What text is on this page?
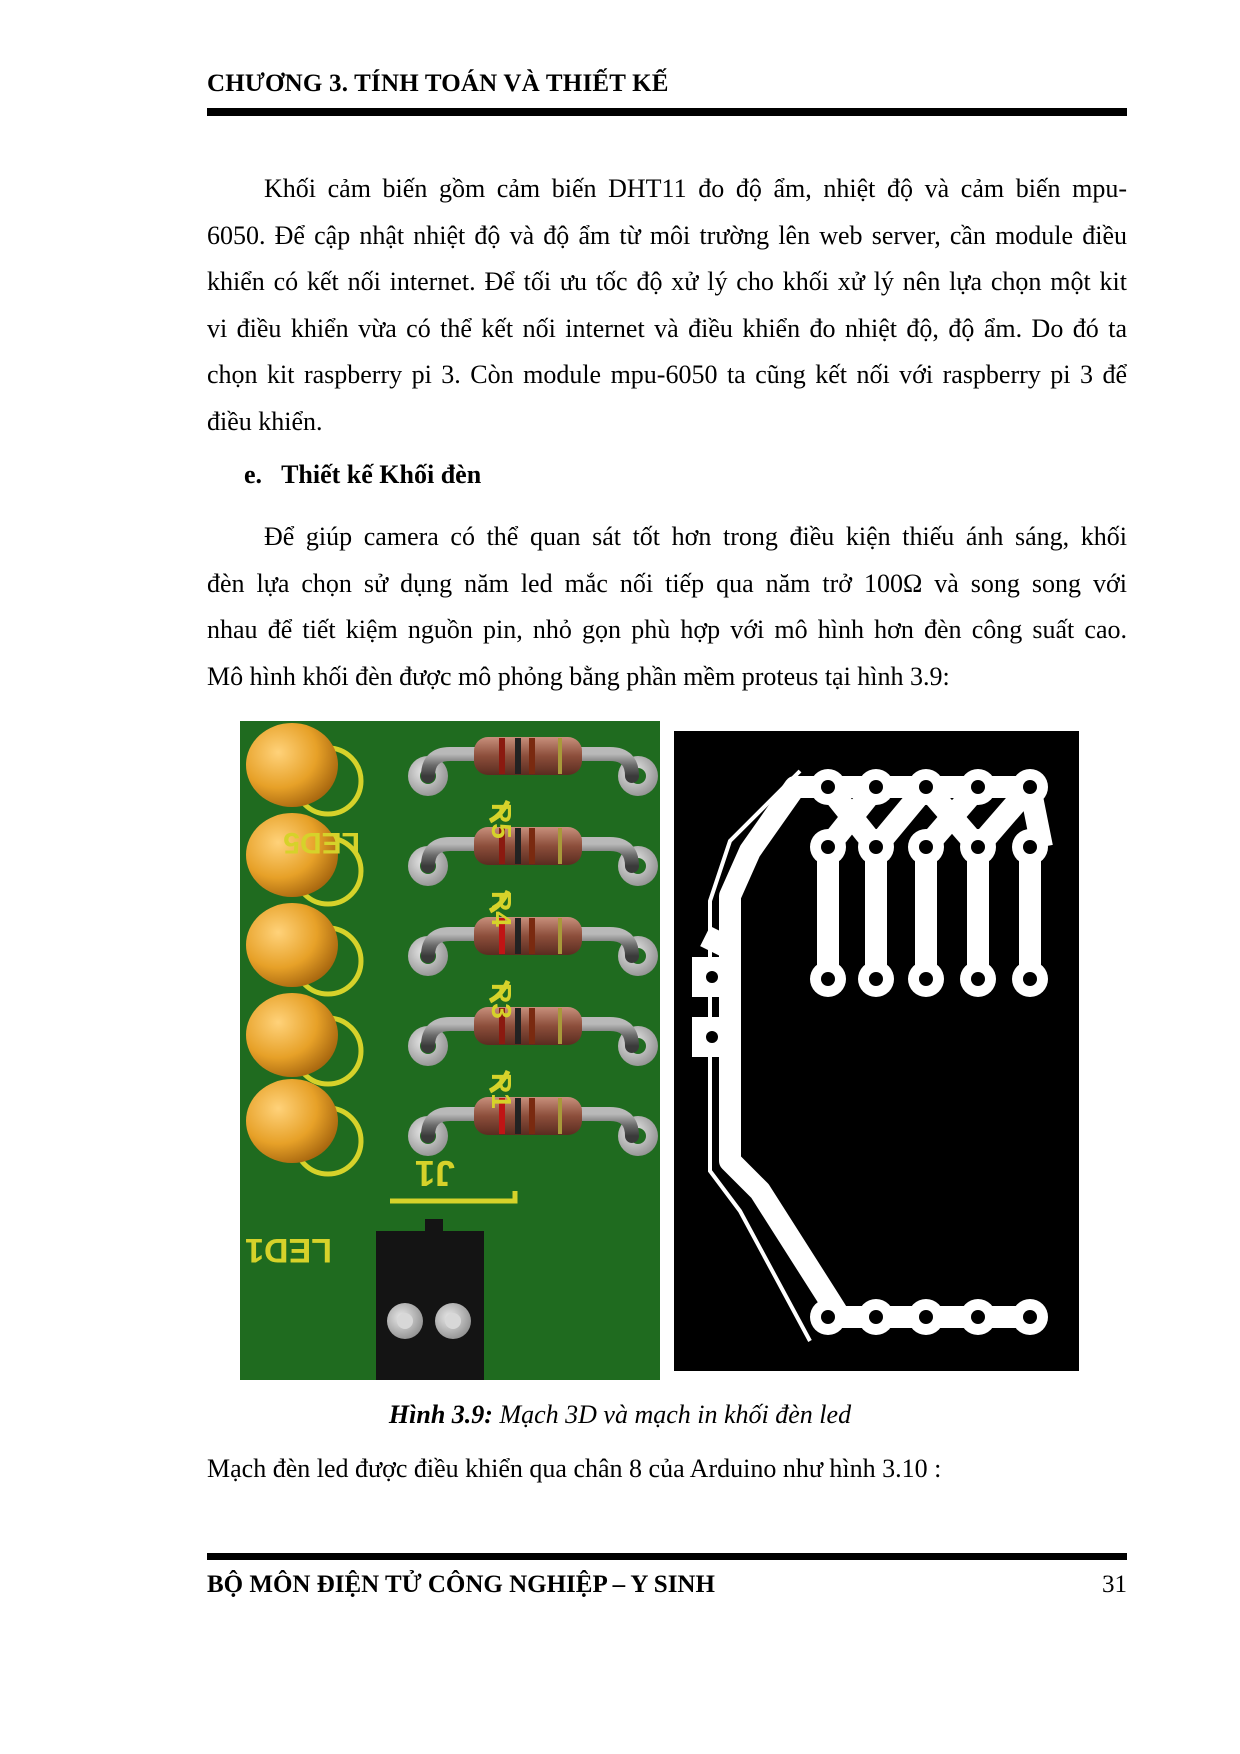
CHƯƠNG 3. TÍNH TOÁN VÀ THIẾT KẾ
Khối cảm biến gồm cảm biến DHT11 đo độ ẩm, nhiệt độ và cảm biến mpu-
6050. Để cập nhật nhiệt độ và độ ẩm từ môi trường lên web server, cần module điều
khiển có kết nối internet. Để tối ưu tốc độ xử lý cho khối xử lý nên lựa chọn một kit
vi điều khiển vừa có thể kết nối internet và điều khiển đo nhiệt độ, độ ẩm. Do đó ta
chọn kit raspberry pi 3. Còn module mpu-6050 ta cũng kết nối với raspberry pi 3 để
điều khiển.
e.   Thiết kế Khối đèn
Để giúp camera có thể quan sát tốt hơn trong điều kiện thiếu ánh sáng, khối
đèn lựa chọn sử dụng năm led mắc nối tiếp qua năm trở 100Ω và song song với
nhau để tiết kiệm nguồn pin, nhỏ gọn phù hợp với mô hình hơn đèn công suất cao.
Mô hình khối đèn được mô phỏng bằng phần mềm proteus tại hình 3.9:
LED1
LED5
R5
R4
R3
R1
J1
Hình 3.9: Mạch 3D và mạch in khối đèn led
Mạch đèn led được điều khiển qua chân 8 của Arduino như hình 3.10 :
BỘ MÔN ĐIỆN TỬ CÔNG NGHIỆP – Y SINH	31
